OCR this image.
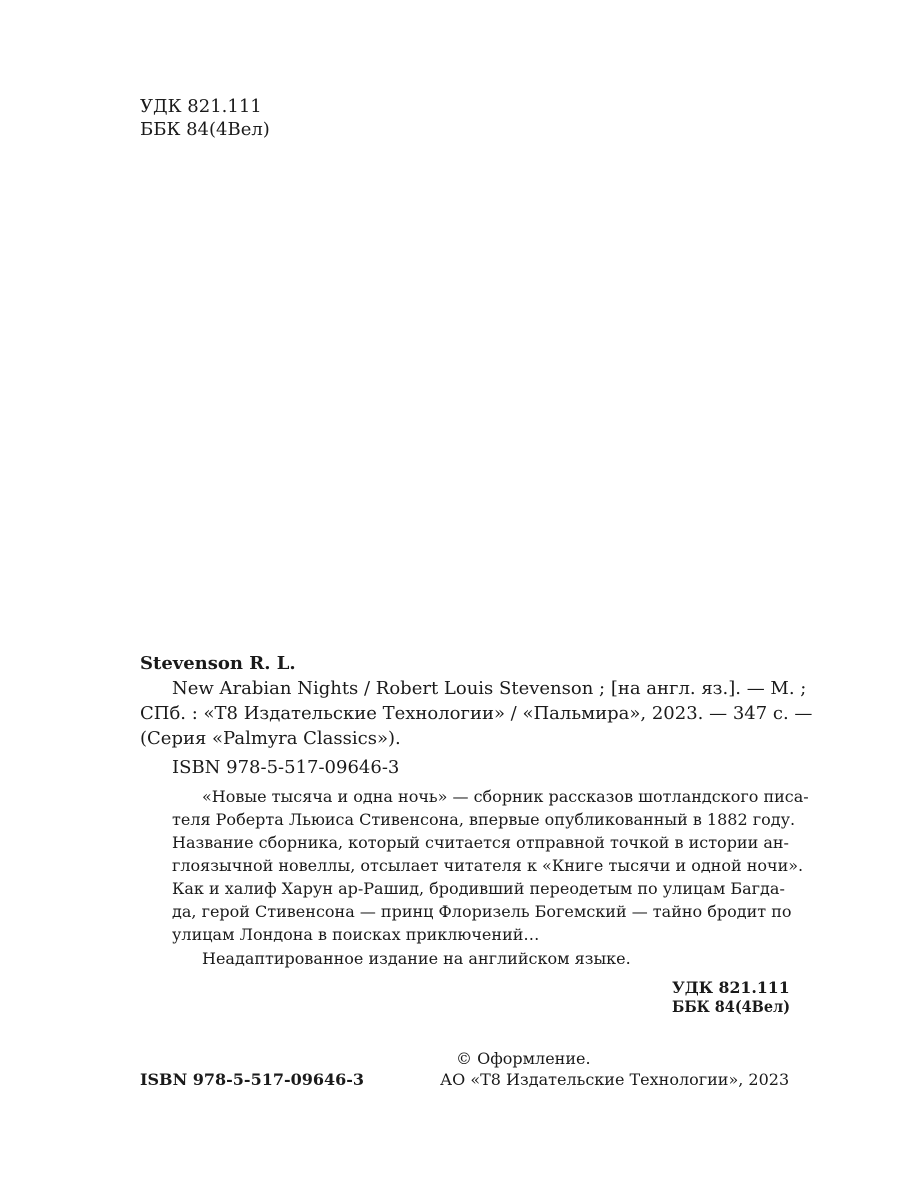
УДК 821.111
ББК 84(4Вел)
Stevenson R. L.
New Arabian Nights / Robert Louis Stevenson ; [на англ. яз.]. — М. ;
СПб. : «Т8 Издательские Технологии» / «Пальмира», 2023. — 347 с. —
(Серия «Palmyra Classics»).
ISBN 978-5-517-09646-3
«Новые тысяча и одна ночь» — сборник рассказов шотландского писа-
теля Роберта Льюиса Стивенсона, впервые опубликованный в 1882 году.
Название сборника, который считается отправной точкой в истории ан-
глоязычной новеллы, отсылает читателя к «Книге тысячи и одной ночи».
Как и халиф Харун ар-Рашид, бродивший переодетым по улицам Багда-
да, герой Стивенсона — принц Флоризель Богемский — тайно бродит по
улицам Лондона в поисках приключений…
Неадаптированное издание на английском языке.
УДК 821.111
ББК 84(4Вел)
ISBN 978-5-517-09646-3
© Оформление.
АО «Т8 Издательские Технологии», 2023
